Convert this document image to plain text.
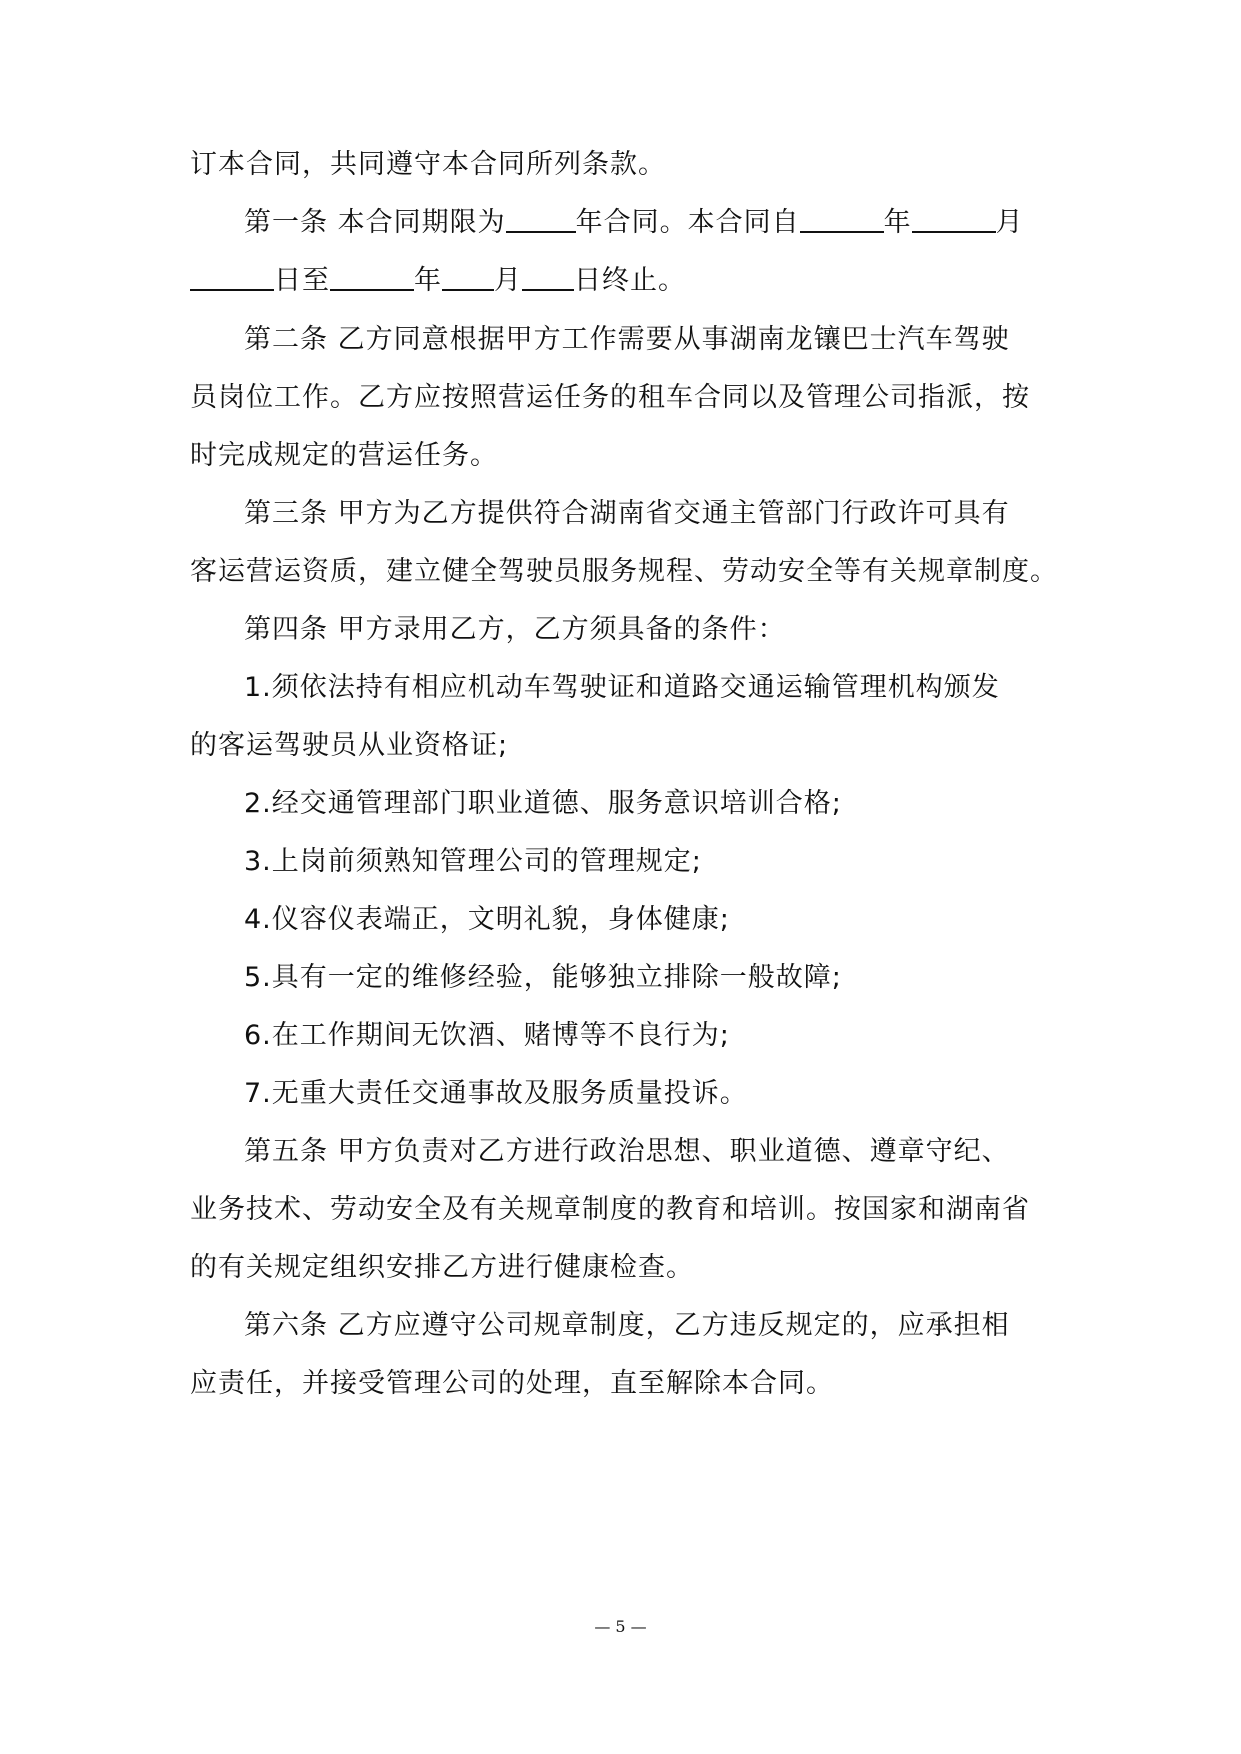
订本合同，共同遵守本合同所列条款。
第一条 本合同期限为	年合同。本合同自	年	月
日至	年 月 日终止。
第二条 乙方同意根据甲方工作需要从事湖南龙镶巴士汽车驾驶
员岗位工作。乙方应按照营运任务的租车合同以及管理公司指派，按
时完成规定的营运任务。
第三条 甲方为乙方提供符合湖南省交通主管部门行政许可具有
客运营运资质，建立健全驾驶员服务规程、劳动安全等有关规章制度。
第四条 甲方录用乙方，乙方须具备的条件：
1.须依法持有相应机动车驾驶证和道路交通运输管理机构颁发
的客运驾驶员从业资格证;
2.经交通管理部门职业道德、服务意识培训合格;
3.上岗前须熟知管理公司的管理规定;
4.仪容仪表端正，文明礼貌，身体健康;
5.具有一定的维修经验，能够独立排除一般故障;
6.在工作期间无饮酒、赌博等不良行为;
7.无重大责任交通事故及服务质量投诉。
第五条 甲方负责对乙方进行政治思想、职业道德、遵章守纪、
业务技术、劳动安全及有关规章制度的教育和培训。按国家和湖南省
的有关规定组织安排乙方进行健康检查。
第六条 乙方应遵守公司规章制度，乙方违反规定的，应承担相
应责任，并接受管理公司的处理，直至解除本合同。
— 5 —
